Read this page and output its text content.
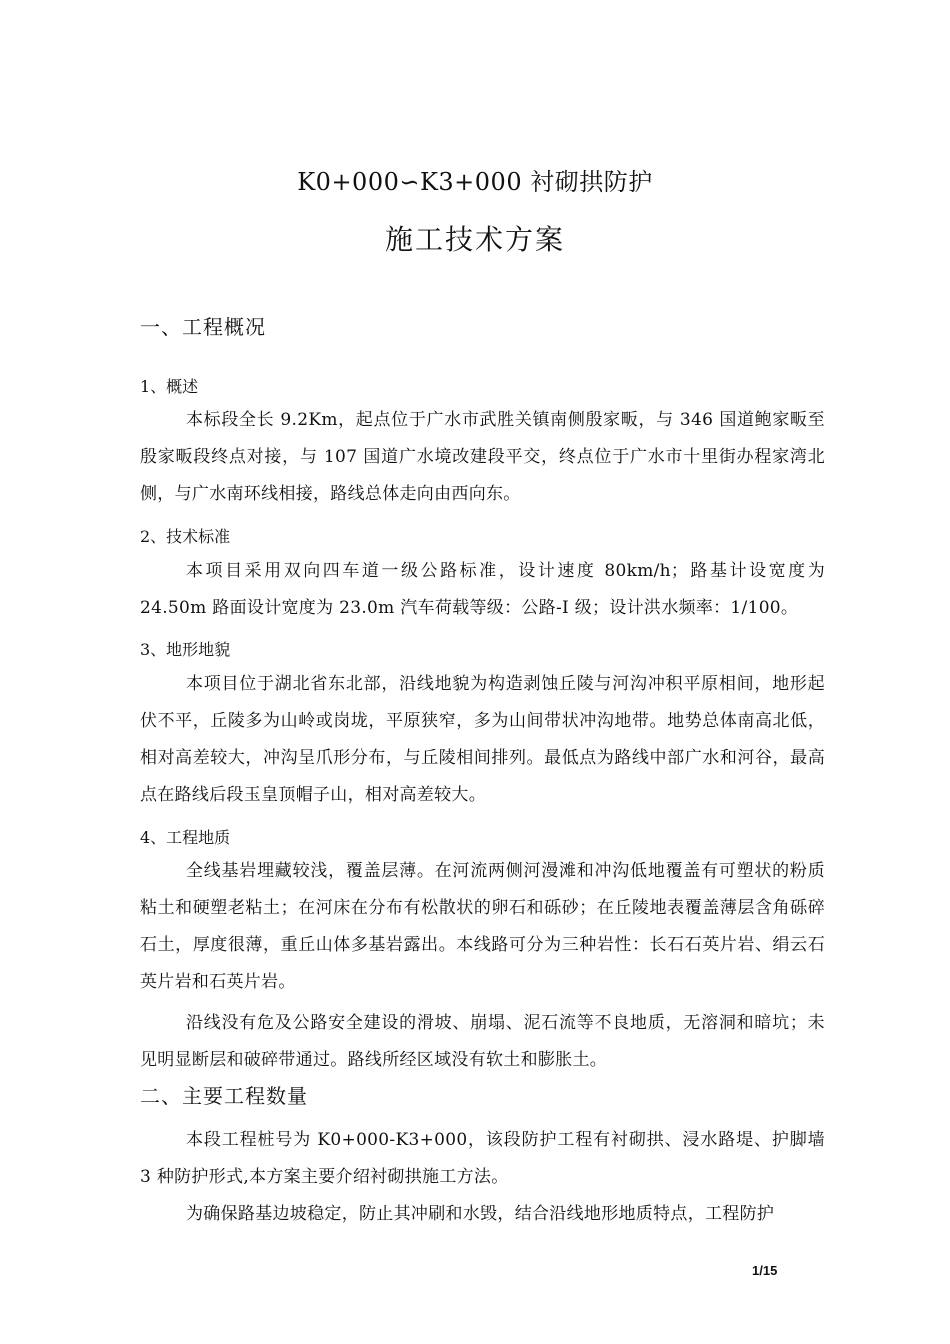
K0+000∽K3+000 衬砌拱防护
施工技术方案
一、工程概况
1、概述
本标段全长 9.2Km，起点位于广水市武胜关镇南侧殷家畈，与 346 国道鲍家畈至殷家畈段终点对接，与 107 国道广水境改建段平交，终点位于广水市十里街办程家湾北侧，与广水南环线相接，路线总体走向由西向东。
2、技术标准
本项目采用双向四车道一级公路标准，设计速度 80km/h；路基计设宽度为 24.50m 路面设计宽度为 23.0m 汽车荷载等级：公路-I 级；设计洪水频率：1/100。
3、地形地貌
本项目位于湖北省东北部，沿线地貌为构造剥蚀丘陵与河沟冲积平原相间，地形起伏不平，丘陵多为山岭或岗垅，平原狭窄，多为山间带状冲沟地带。地势总体南高北低，相对高差较大，冲沟呈爪形分布，与丘陵相间排列。最低点为路线中部广水和河谷，最高点在路线后段玉皇顶帽子山，相对高差较大。
4、工程地质
全线基岩埋藏较浅，覆盖层薄。在河流两侧河漫滩和冲沟低地覆盖有可塑状的粉质粘土和硬塑老粘土；在河床在分布有松散状的卵石和砾砂；在丘陵地表覆盖薄层含角砾碎石土，厚度很薄，重丘山体多基岩露出。本线路可分为三种岩性：长石石英片岩、绢云石英片岩和石英片岩。
沿线没有危及公路安全建设的滑坡、崩塌、泥石流等不良地质，无溶洞和暗坑；未见明显断层和破碎带通过。路线所经区域没有软土和膨胀土。
二、主要工程数量
本段工程桩号为 K0+000-K3+000，该段防护工程有衬砌拱、浸水路堤、护脚墙 3 种防护形式,本方案主要介绍衬砌拱施工方法。
为确保路基边坡稳定，防止其冲刷和水毁，结合沿线地形地质特点，工程防护
1/15
